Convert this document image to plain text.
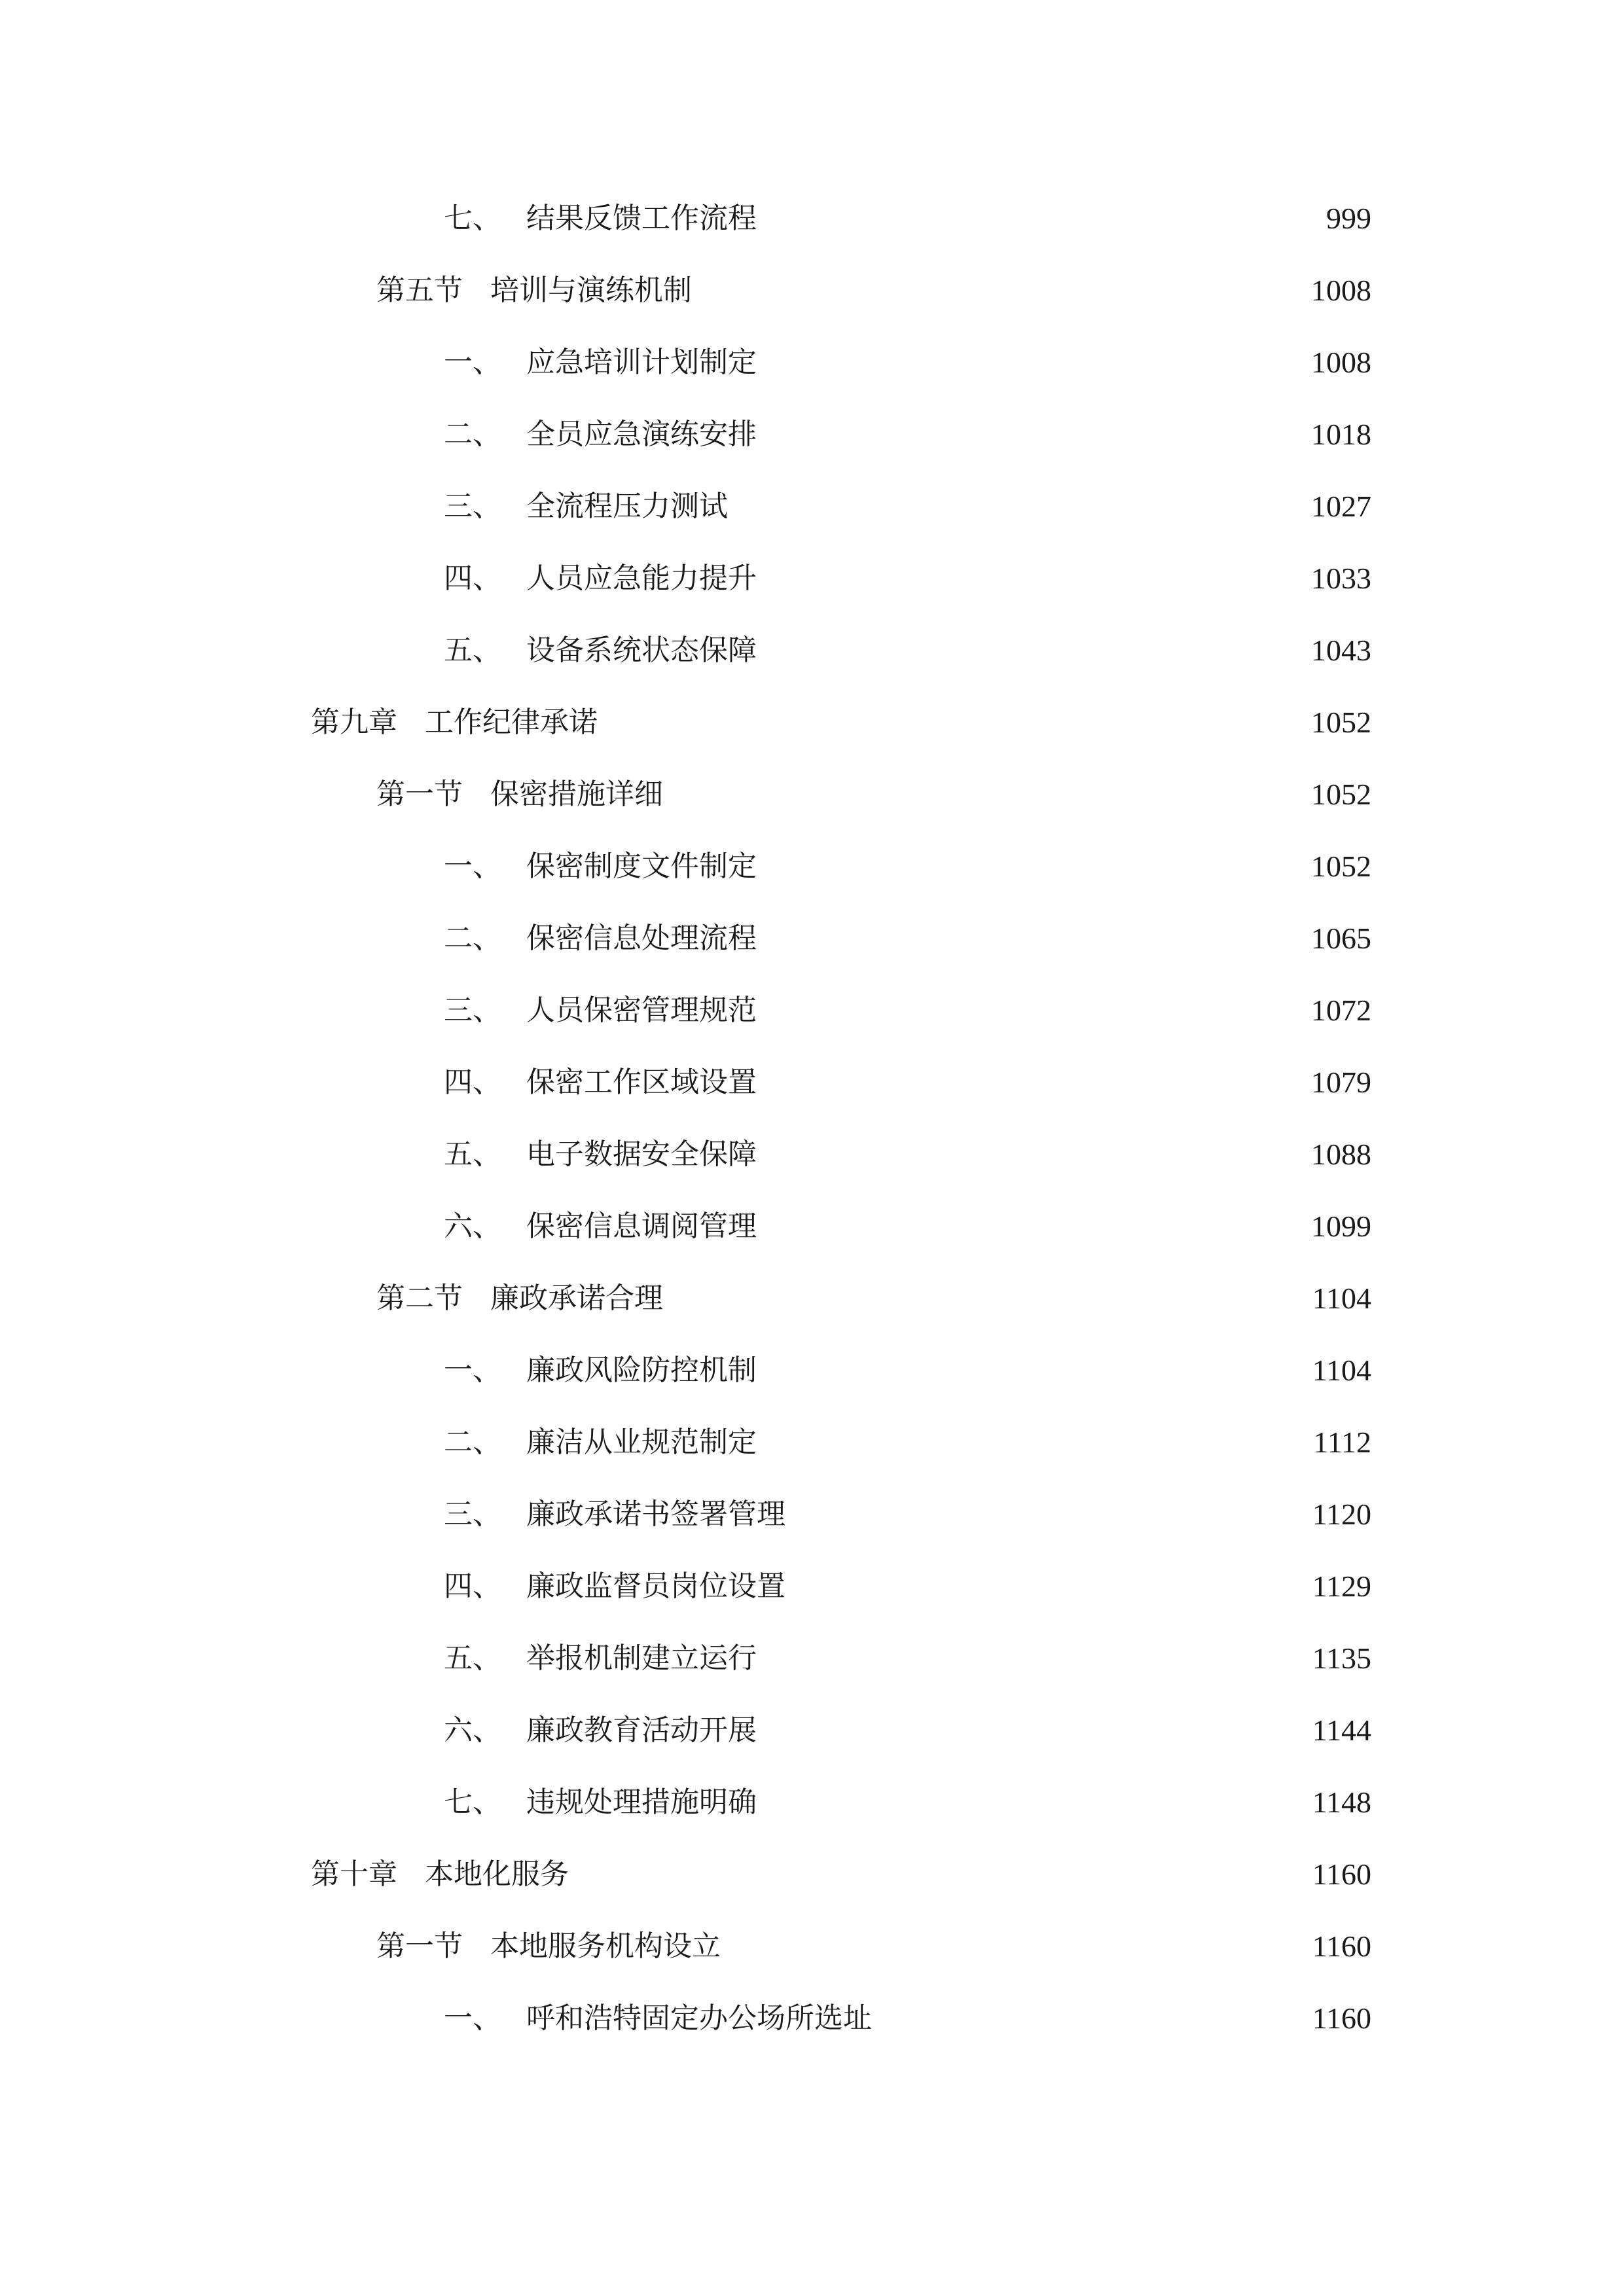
七、 结果反馈工作流程	999
第五节 培训与演练机制	1008
一、 应急培训计划制定	1008
二、 全员应急演练安排	1018
三、 全流程压力测试	1027
四、 人员应急能力提升	1033
五、 设备系统状态保障	1043
第九章 工作纪律承诺	1052
第一节 保密措施详细	1052
一、 保密制度文件制定	1052
二、 保密信息处理流程	1065
三、 人员保密管理规范	1072
四、 保密工作区域设置	1079
五、 电子数据安全保障	1088
六、 保密信息调阅管理	1099
第二节 廉政承诺合理	1104
一、 廉政风险防控机制	1104
二、 廉洁从业规范制定	1112
三、 廉政承诺书签署管理	1120
四、 廉政监督员岗位设置	1129
五、 举报机制建立运行	1135
六、 廉政教育活动开展	1144
七、 违规处理措施明确	1148
第十章 本地化服务	1160
第一节 本地服务机构设立	1160
一、 呼和浩特固定办公场所选址	1160
